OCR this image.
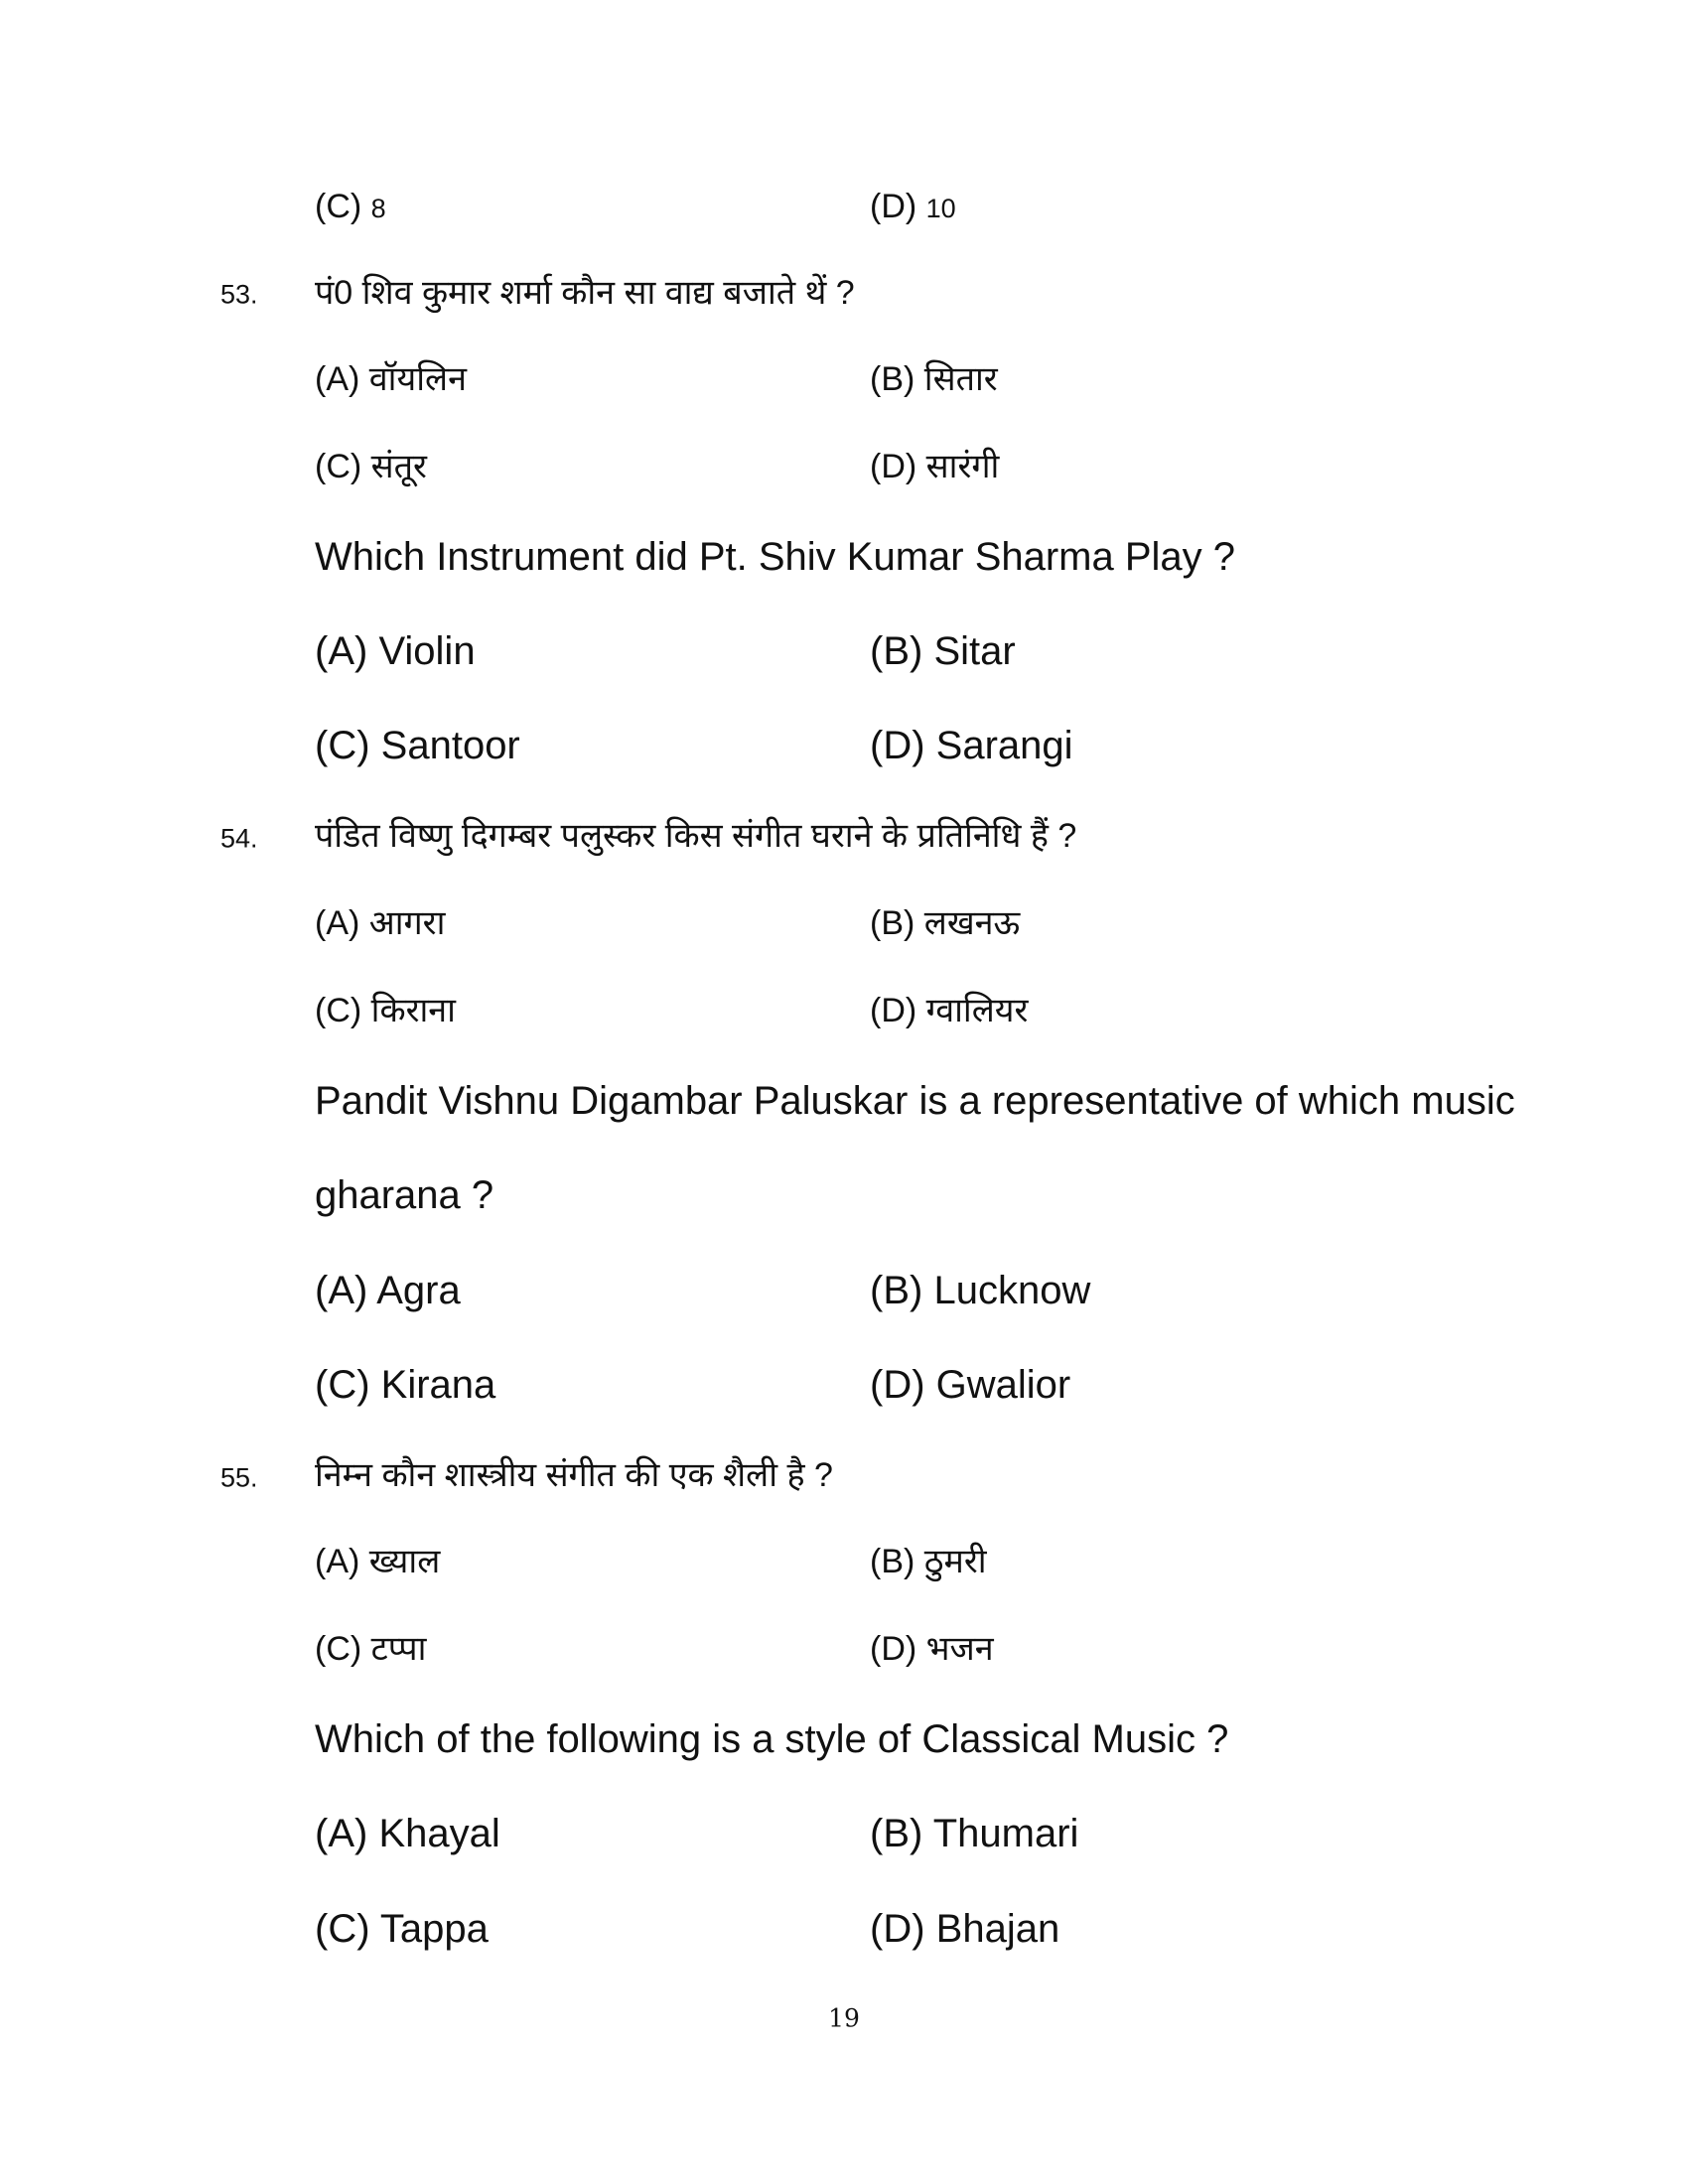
(C) 8	(D) 10
53. पं0 शिव कुमार शर्मा कौन सा वाद्य बजाते थें ?
(A) वॉयलिन	(B) सितार
(C) संतूर	(D) सारंगी
Which Instrument did Pt. Shiv Kumar Sharma Play ?
(A) Violin	(B) Sitar
(C) Santoor	(D) Sarangi
54. पंडित विष्णु दिगम्बर पलुस्कर किस संगीत घराने के प्रतिनिधि हैं ?
(A) आगरा	(B) लखनऊ
(C) किराना	(D) ग्वालियर
Pandit Vishnu Digambar Paluskar is a representative of which music
gharana ?
(A) Agra	(B) Lucknow
(C) Kirana	(D) Gwalior
55. निम्न कौन शास्त्रीय संगीत की एक शैली है ?
(A) ख्याल	(B) ठुमरी
(C) टप्पा	(D) भजन
Which of the following is a style of Classical Music ?
(A) Khayal	(B) Thumari
(C) Tappa	(D) Bhajan
19
